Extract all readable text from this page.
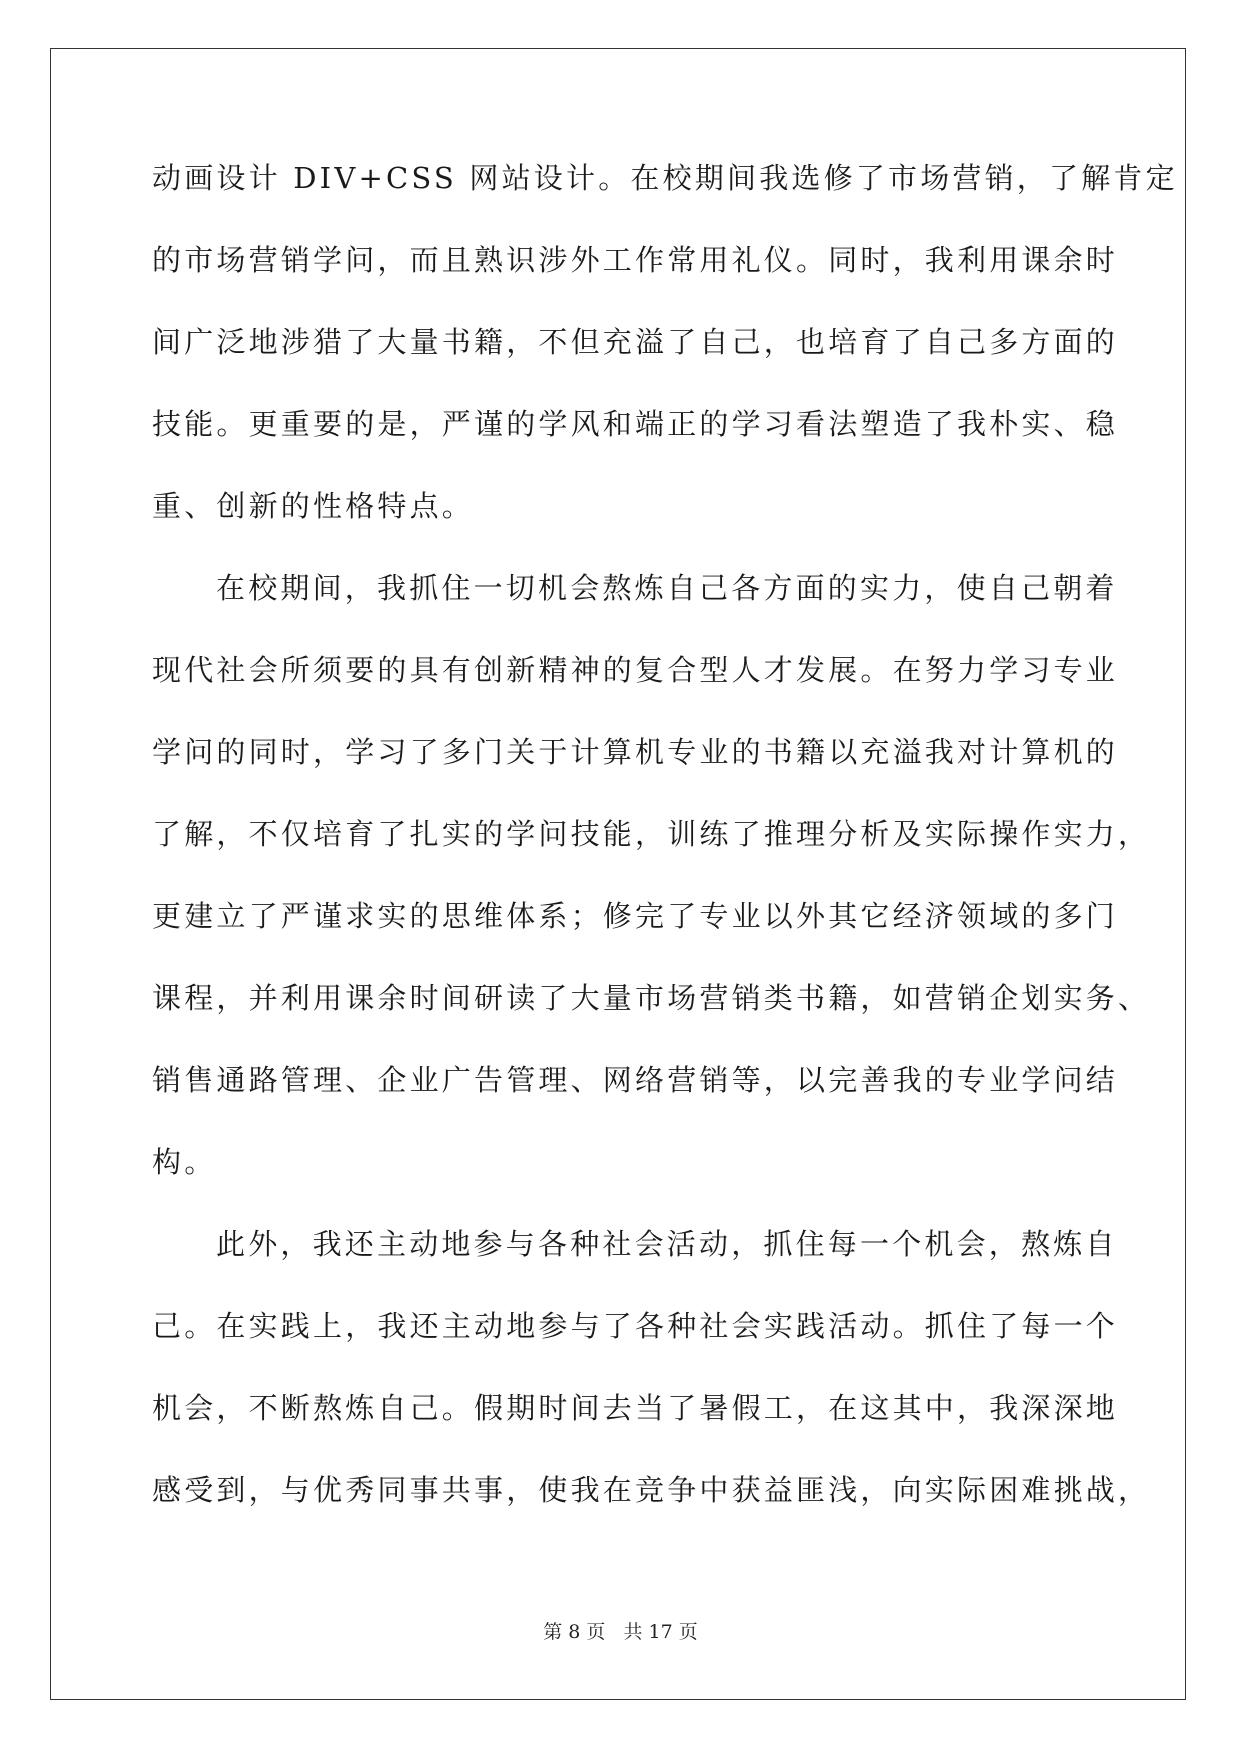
动画设计 DIV+CSS 网站设计。在校期间我选修了市场营销，了解肯定
的市场营销学问，而且熟识涉外工作常用礼仪。同时，我利用课余时
间广泛地涉猎了大量书籍，不但充溢了自己，也培育了自己多方面的
技能。更重要的是，严谨的学风和端正的学习看法塑造了我朴实、稳
重、创新的性格特点。
在校期间，我抓住一切机会熬炼自己各方面的实力，使自己朝着
现代社会所须要的具有创新精神的复合型人才发展。在努力学习专业
学问的同时，学习了多门关于计算机专业的书籍以充溢我对计算机的
了解，不仅培育了扎实的学问技能，训练了推理分析及实际操作实力，
更建立了严谨求实的思维体系；修完了专业以外其它经济领域的多门
课程，并利用课余时间研读了大量市场营销类书籍，如营销企划实务、
销售通路管理、企业广告管理、网络营销等，以完善我的专业学问结
构。
此外，我还主动地参与各种社会活动，抓住每一个机会，熬炼自
己。在实践上，我还主动地参与了各种社会实践活动。抓住了每一个
机会，不断熬炼自己。假期时间去当了暑假工，在这其中，我深深地
感受到，与优秀同事共事，使我在竞争中获益匪浅，向实际困难挑战，
第 8 页 共 17 页
